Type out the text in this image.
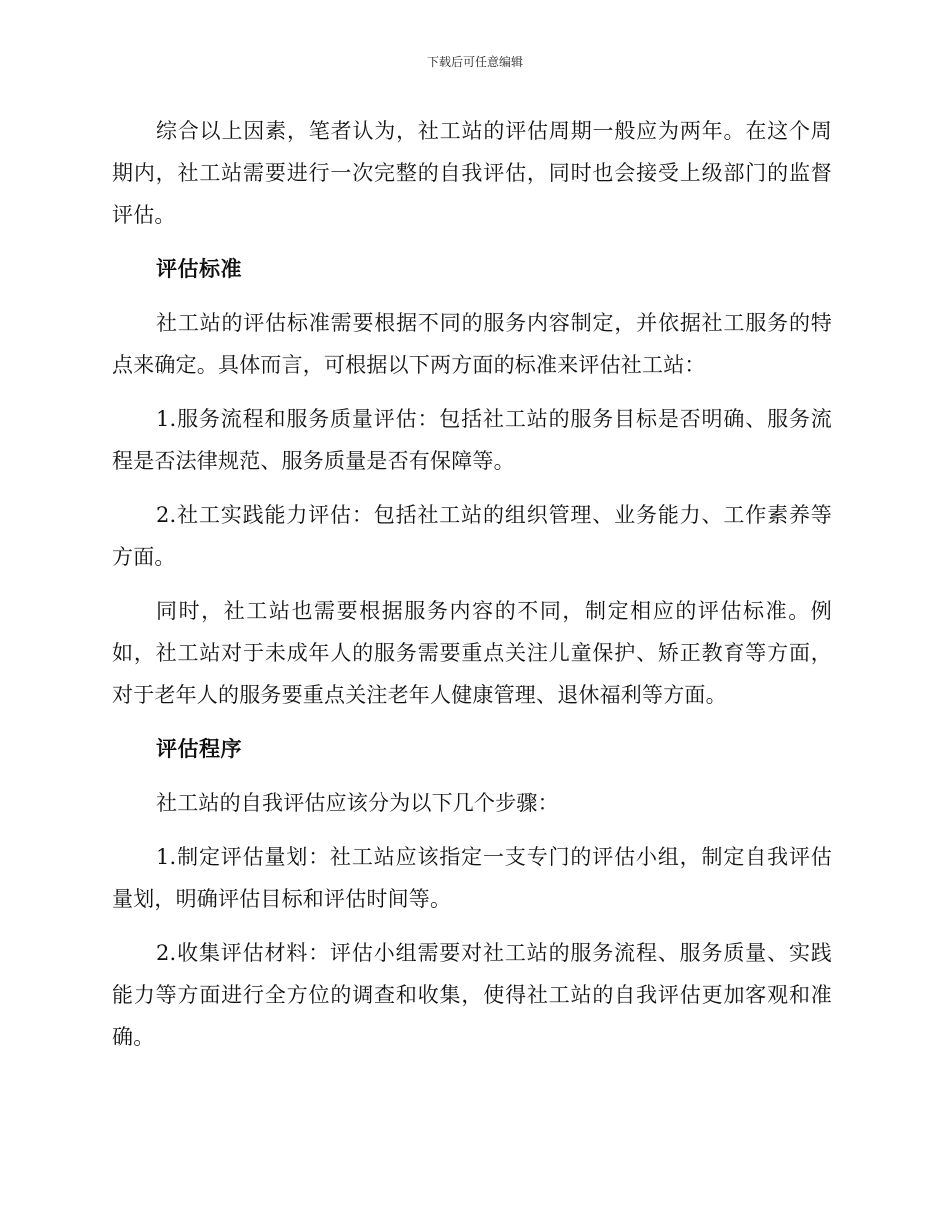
下载后可任意编辑

综合以上因素，笔者认为，社工站的评估周期一般应为两年。在这个周期内，社工站需要进行一次完整的自我评估，同时也会接受上级部门的监督评估。

评估标准

社工站的评估标准需要根据不同的服务内容制定，并依据社工服务的特点来确定。具体而言，可根据以下两方面的标准来评估社工站：

1.服务流程和服务质量评估：包括社工站的服务目标是否明确、服务流程是否法律规范、服务质量是否有保障等。

2.社工实践能力评估：包括社工站的组织管理、业务能力、工作素养等方面。

同时，社工站也需要根据服务内容的不同，制定相应的评估标准。例如，社工站对于未成年人的服务需要重点关注儿童保护、矫正教育等方面，对于老年人的服务要重点关注老年人健康管理、退休福利等方面。

评估程序

社工站的自我评估应该分为以下几个步骤：

1.制定评估量划：社工站应该指定一支专门的评估小组，制定自我评估量划，明确评估目标和评估时间等。

2.收集评估材料：评估小组需要对社工站的服务流程、服务质量、实践能力等方面进行全方位的调查和收集，使得社工站的自我评估更加客观和准确。
